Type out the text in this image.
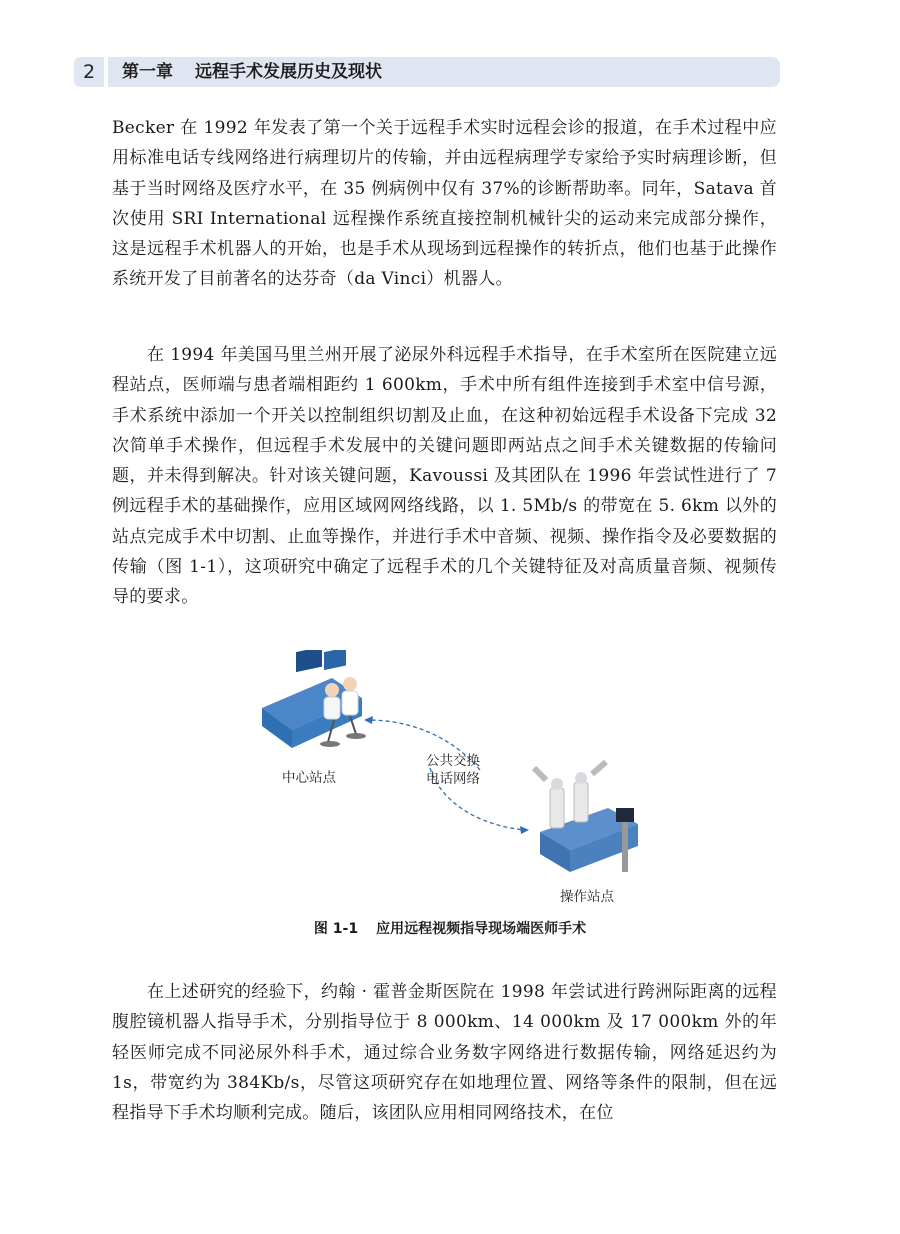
2	第一章 远程手术发展历史及现状

Becker 在 1992 年发表了第一个关于远程手术实时远程会诊的报道，在手术过程中应用标准电话专线网络进行病理切片的传输，并由远程病理学专家给予实时病理诊断，但基于当时网络及医疗水平，在 35 例病例中仅有 37%的诊断帮助率。同年，Satava 首次使用 SRI International 远程操作系统直接控制机械针尖的运动来完成部分操作，这是远程手术机器人的开始，也是手术从现场到远程操作的转折点，他们也基于此操作系统开发了目前著名的达芬奇（da Vinci）机器人。

在 1994 年美国马里兰州开展了泌尿外科远程手术指导，在手术室所在医院建立远程站点，医师端与患者端相距约 1 600km，手术中所有组件连接到手术室中信号源，手术系统中添加一个开关以控制组织切割及止血，在这种初始远程手术设备下完成 32 次简单手术操作，但远程手术发展中的关键问题即两站点之间手术关键数据的传输问题，并未得到解决。针对该关键问题，Kavoussi 及其团队在 1996 年尝试性进行了 7 例远程手术的基础操作，应用区域网网络线路，以 1. 5Mb/s 的带宽在 5. 6km 以外的站点完成手术中切割、止血等操作，并进行手术中音频、视频、操作指令及必要数据的传输（图 1-1），这项研究中确定了远程手术的几个关键特征及对高质量音频、视频传导的要求。

中心站点
公共交换
电话网络
操作站点
图 1-1 应用远程视频指导现场端医师手术

在上述研究的经验下，约翰 · 霍普金斯医院在 1998 年尝试进行跨洲际距离的远程腹腔镜机器人指导手术，分别指导位于 8 000km、14 000km 及 17 000km 外的年轻医师完成不同泌尿外科手术，通过综合业务数字网络进行数据传输，网络延迟约为 1s，带宽约为 384Kb/s，尽管这项研究存在如地理位置、网络等条件的限制，但在远程指导下手术均顺利完成。随后，该团队应用相同网络技术，在位
